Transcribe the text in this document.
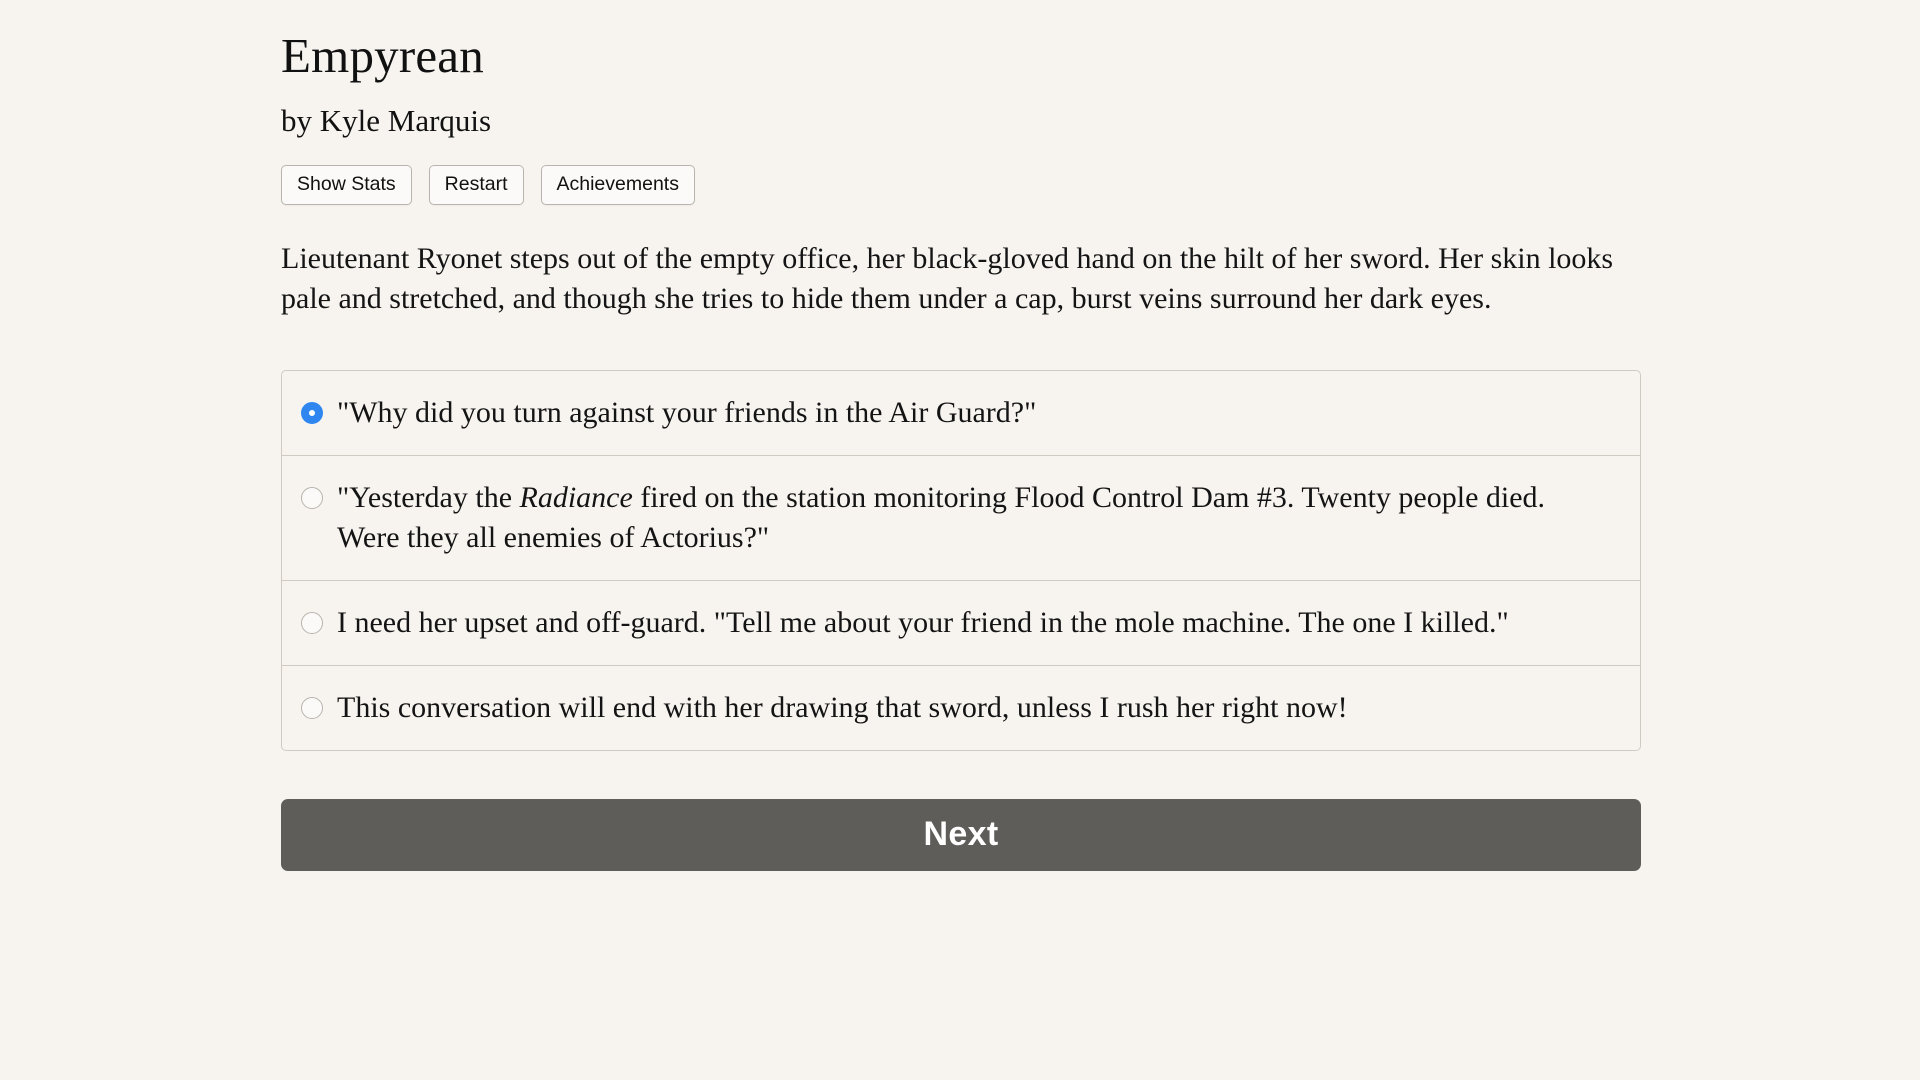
Empyrean
by Kyle Marquis
Show Stats	Restart	Achievements

Lieutenant Ryonet steps out of the empty office, her black-gloved hand on the hilt of her sword. Her skin looks pale and stretched, and though she tries to hide them under a cap, burst veins surround her dark eyes.

"Why did you turn against your friends in the Air Guard?"
"Yesterday the Radiance fired on the station monitoring Flood Control Dam #3. Twenty people died. Were they all enemies of Actorius?"
I need her upset and off-guard. "Tell me about your friend in the mole machine. The one I killed."
This conversation will end with her drawing that sword, unless I rush her right now!
Next
